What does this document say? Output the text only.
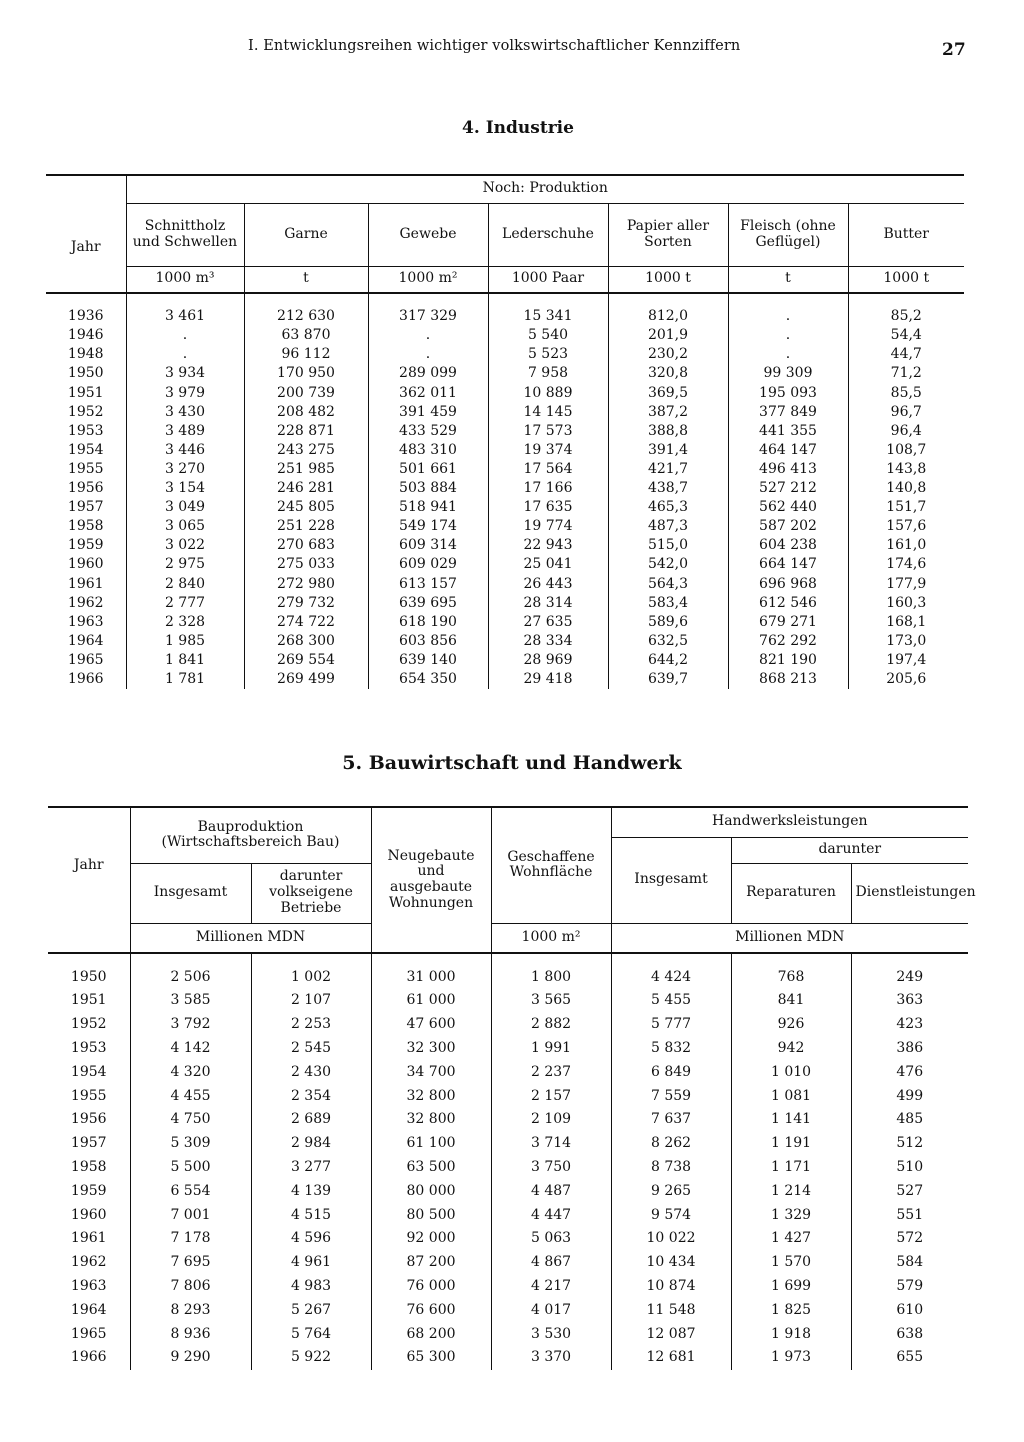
I. Entwicklungsreihen wichtiger volkswirtschaftlicher Kennziffern	27
4. Industrie
	Noch: Produktion						
Jahr	Schnittholz und Schwellen	Garne	Gewebe	Lederschuhe	Papier aller Sorten	Fleisch (ohne Geflügel)	Butter
	1000 m³	t	1000 m²	1000 Paar	1000 t	t	1000 t

1936	3 461	212 630	317 329	15 341	812,0	.	85,2
1946	.	63 870	.	5 540	201,9	.	54,4
1948	.	96 112	.	5 523	230,2	.	44,7
1950	3 934	170 950	289 099	7 958	320,8	99 309	71,2
1951	3 979	200 739	362 011	10 889	369,5	195 093	85,5
1952	3 430	208 482	391 459	14 145	387,2	377 849	96,7
1953	3 489	228 871	433 529	17 573	388,8	441 355	96,4
1954	3 446	243 275	483 310	19 374	391,4	464 147	108,7
1955	3 270	251 985	501 661	17 564	421,7	496 413	143,8
1956	3 154	246 281	503 884	17 166	438,7	527 212	140,8
1957	3 049	245 805	518 941	17 635	465,3	562 440	151,7
1958	3 065	251 228	549 174	19 774	487,3	587 202	157,6
1959	3 022	270 683	609 314	22 943	515,0	604 238	161,0
1960	2 975	275 033	609 029	25 041	542,0	664 147	174,6
1961	2 840	272 980	613 157	26 443	564,3	696 968	177,9
1962	2 777	279 732	639 695	28 314	583,4	612 546	160,3
1963	2 328	274 722	618 190	27 635	589,6	679 271	168,1
1964	1 985	268 300	603 856	28 334	632,5	762 292	173,0
1965	1 841	269 554	639 140	28 969	644,2	821 190	197,4
1966	1 781	269 499	654 350	29 418	639,7	868 213	205,6
5. Bauwirtschaft und Handwerk
Jahr	Bauproduktion (Wirtschaftsbereich Bau)		Neugebaute und ausgebaute Wohnungen	Geschaffene Wohnfläche	Handwerksleistungen		
					Insgesamt	darunter	
	Insgesamt	darunter volkseigene Betriebe				Reparaturen	Dienstleistungen
	Millionen MDN			1000 m²	Millionen MDN		

1950	2 506	1 002	31 000	1 800	4 424	768	249
1951	3 585	2 107	61 000	3 565	5 455	841	363
1952	3 792	2 253	47 600	2 882	5 777	926	423
1953	4 142	2 545	32 300	1 991	5 832	942	386
1954	4 320	2 430	34 700	2 237	6 849	1 010	476
1955	4 455	2 354	32 800	2 157	7 559	1 081	499
1956	4 750	2 689	32 800	2 109	7 637	1 141	485
1957	5 309	2 984	61 100	3 714	8 262	1 191	512
1958	5 500	3 277	63 500	3 750	8 738	1 171	510
1959	6 554	4 139	80 000	4 487	9 265	1 214	527
1960	7 001	4 515	80 500	4 447	9 574	1 329	551
1961	7 178	4 596	92 000	5 063	10 022	1 427	572
1962	7 695	4 961	87 200	4 867	10 434	1 570	584
1963	7 806	4 983	76 000	4 217	10 874	1 699	579
1964	8 293	5 267	76 600	4 017	11 548	1 825	610
1965	8 936	5 764	68 200	3 530	12 087	1 918	638
1966	9 290	5 922	65 300	3 370	12 681	1 973	655
